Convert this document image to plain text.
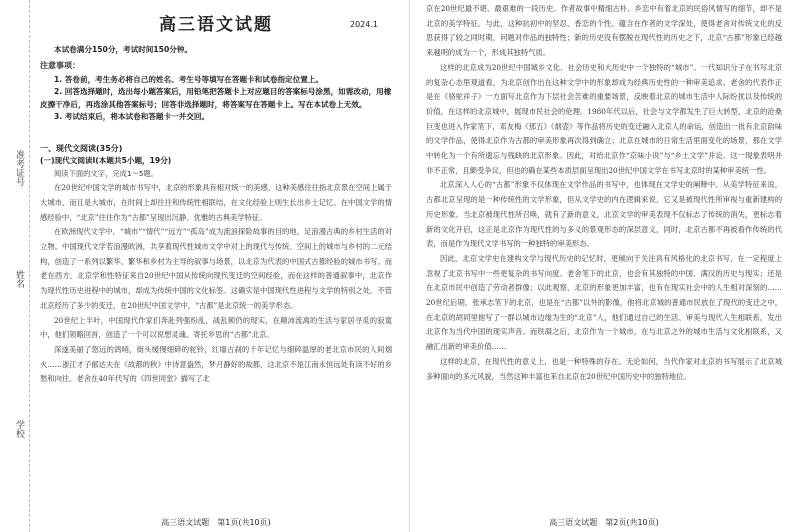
准考证号
姓名
学校
高三语文试题	2024.1

本试卷满分150分，考试时间150分钟。

注意事项：

1. 答卷前，考生务必将自己的姓名、考生号等填写在答题卡和试卷指定位置上。

2. 回答选择题时，选出每小题答案后，用铅笔把答题卡上对应题目的答案标号涂黑，如需改动，用橡皮擦干净后，再选涂其他答案标号；回答非选择题时，将答案写在答题卡上。写在本试卷上无效。

3. 考试结束后，将本试卷和答题卡一并交回。

一、现代文阅读(35分)
(一)现代文阅读Ⅰ(本题共5小题，19分)

阅读下面的文字，完成1～5题。

在20世纪中国文学的城市书写中，北京的形象具有相对统一的美感，这种美感往往指北京景在空间上属于大城市，而且是大城市，在时间上却往往和传统性相联结，在文化经验上则生长出乡土记忆。在中国文学的情感经验中，“北京”往往作为“古都”呈现出沉静、优雅的古典美学特征。

在欧洲现代文学中，“城市”“情代”“远方”“孤岛”成为流浪探险故事的目的地，足浪漫古典的乡村生活的对立物。中国现代文学若浪漫欧洲，共享着现代性城市文学中对上的现代与传统、空间上的城市与乡村的二元结构，创造了一系列以繁华、繁华和乡村为主导的叙事与场景，以北京为代表的中国式古都经验的城市书写。而老在西方，北京学和性特征来自20世纪中国从传统向现代变迁的空间经验，而在这样的普通叙事中，北京作为现代性历史进程中的城市，却成为传统中国的文化标签。这确实是中国现代性进程与文学的特别之处。不管北京经历了多少的变迁，在20世纪中国文学中，“古都”是北京统一的美学形态。

20世纪上半叶，中国现代作家们奔赴列强纷乱，战乱频仍的现实，在颠沛流离的生活与家居寻觅的寂寞中，他们领略回首，创造了一个可以说想灵魂、寄托乡思的“古都”北京。

深遂美丽了悠远的鸽哨，街头缓慢细碎的驼铃，红墙古刹的千年记忆与细碎温厚的老北京市民的人间烟火……浙江才子郁达夫在《故都的秋》中诗意盎然，梦月静好的故都，这北京不是江南永恒远处有读不好的乡愁和向往。老舍在40年代写的《四世同堂》描写了北

高三语文试题　第1页(共10页)

京在20世纪最不堪、最艰难的一段历史。作者故事中精细古朴、乡恋中有着北京的民俗风情写的细节，却不是北京的美学特征。与此，这种抗初中的坚忍、香恋的个性、蕴含在作者的文学深处，使得老舍对传统文化的反思获得了较之同时期，问题对作品的独特性；新的历史没有摆脱在现代性的历史之下，北京“古都”形象已经越来越明的成为一个，形成其独特气质。

这样的北京成为20世纪中国城乡文化、社会历史和大历史中一个独特的“城市”。一代知识分子在书写北京的复杂心态里观道看，为北京创作出在这种文学中的形象却成为经典历史性的一种审美追求。老舍的代表作正是在《骆驼祥子》一方面写北京作为下层社会苦难的重要场景，反映着北京的城市生活中人际纷扰以及传统的价值，在这样的北京城中，展现市民社会的伦理。1980年代以后，社会与文学都发生了巨大转型，北京的沧桑巨变也进入作家笔下，邓友梅《那五》《烟壶》等作品将历史的变迁融入北京人的命运，创造出一批有北京韵味的文学作品，使得北京作为古都的审美形象再次得到确立；北京在城市的日常生活里面变化的场景，那在文学中转化为一个有所遗忘与残缺的北京形象。因此，对给北京作“京味小说”与“乡土文学”并论。这一现象表明并非不正常，且颇受争议，但也的确在某些本质层面呈现出20世纪中国文学在书写北京时的某种审美统一性。

北京深入人心的“古都”形象不仅体现在文学作品的书写中，也体现在文学史的阐释中。从美学特征来说，古都北京呈现的是一种传统性的文学形象，但从文学史的内在逻辑来说，它又是被现代性所审视与重新建构的历史形象。当北京被现代性所召唤，就有了新的意义，北京文学的审美表现不仅标志了传统的消失，更标志着新的文化开启，这正是北京作为现代性的与多义的景观形态的深层意义，同时，北京古都不再被看作传统的代表，而是作为现代文学书写的一种独特的审美形态。

因此，北京文学史在建构文学与现代历史的记忆时，更倾向于关注具有风格化的北京书写，在一定程度上忽视了北京书写中一些更复杂的书写向度。老舍笔下的北京，也会有其独特的中国、满汉的历史与现实；还是在北京市民中创造了劳动者群像；以此观察，北京的形象更加丰富，也有在现实社会中的人生相对深刻的……20世纪后期，张承志笔下的北京，也是在“古都”以外的影像，他将北京城的普通市民放在了现代的变迁之中，在北京的胡同里他写了一群以城市边缘为生的“北京”人，他们通过自己的生活、审美与现代人生相联系，发出北京作为当代中国的现实声音。而铁凝之后，北京作为一个城市，在与北京之外的城市生活与文化相联系，又融汇出新的审美价值……

这样的北京，在现代性的意义上，也是一种特殊的存在。无论如何，当代作家对北京的书写展示了北京城多种面向的多元风貌，当然这种丰富也来自北京在20世纪中国历史中的独特地位。

高三语文试题　第2页(共10页)
